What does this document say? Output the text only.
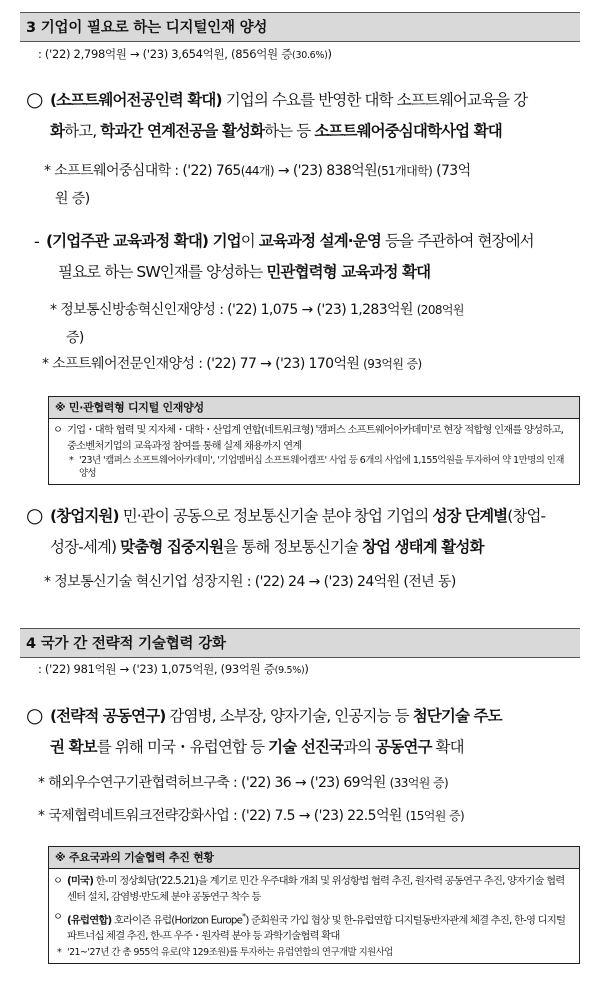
3 기업이 필요로 하는 디지털인재 양성
: ('22) 2,798억원 → ('23) 3,654억원, (856억원 증(30.6%))
○ (소프트웨어전공인력 확대) 기업의 수요를 반영한 대학 소프트웨어교육을 강
화하고, 학과간 연계전공을 활성화하는 등 소프트웨어중심대학사업 확대
* 소프트웨어중심대학 : ('22) 765(44개) → ('23) 838억원(51개대학) (73억
원 증)
- (기업주관 교육과정 확대) 기업이 교육과정 설계·운영 등을 주관하여 현장에서
필요로 하는 SW인재를 양성하는 민관협력형 교육과정 확대
* 정보통신방송혁신인재양성 : ('22) 1,075 → ('23) 1,283억원 (208억원
증)
* 소프트웨어전문인재양성 : ('22) 77 → ('23) 170억원 (93억원 증)
※ 민·관협력형 디지털 인재양성
ㅇ 기업・대학 협력 및 지자체・대학・산업계 연합(네트워크형) '캠퍼스 소프트웨어아카데미'로 현장 적합형 인재를 양성하고, 중소벤처기업의 교육과정 참여를 통해 실제 채용까지 연계
* '23년 '캠퍼스 소프트웨어아카데미', '기업멤버십 소프트웨어캠프' 사업 등 6개의 사업에 1,155억원을 투자하여 약 1만명의 인재 양성
○ (창업지원) 민·관이 공동으로 정보통신기술 분야 창업 기업의 성장 단계별(창업-
성장-세계) 맞춤형 집중지원을 통해 정보통신기술 창업 생태계 활성화
* 정보통신기술 혁신기업 성장지원 : ('22) 24 → ('23) 24억원 (전년 동)
4 국가 간 전략적 기술협력 강화
: ('22) 981억원 → ('23) 1,075억원, (93억원 증(9.5%))
○ (전략적 공동연구) 감염병, 소부장, 양자기술, 인공지능 등 첨단기술 주도
권 확보를 위해 미국・유럽연합 등 기술 선진국과의 공동연구 확대
* 해외우수연구기관협력허브구축 : ('22) 36 → ('23) 69억원 (33억원 증)
* 국제협력네트워크전략강화사업 : ('22) 7.5 → ('23) 22.5억원 (15억원 증)
※ 주요국과의 기술협력 추진 현황
ㅇ (미국) 한-미 정상회담('22.5.21)을 계기로 민간 우주대화 개최 및 위성항법 협력 추진, 원자력 공동연구 추진, 양자기술 협력센터 설치, 감염병·반도체 분야 공동연구 착수 등
ㅇ (유럽연합) 호라이즌 유럽(Horizon Europe*) 준회원국 가입 협상 및 한-유럽연합 디지털동반자관계 체결 추진, 한-영 디지털파트너십 체결 추진, 한-프 우주・원자력 분야 등 과학기술협력 확대
* '21~'27년 간 총 955억 유로(약 129조원)를 투자하는 유럽연합의 연구개발 지원사업
